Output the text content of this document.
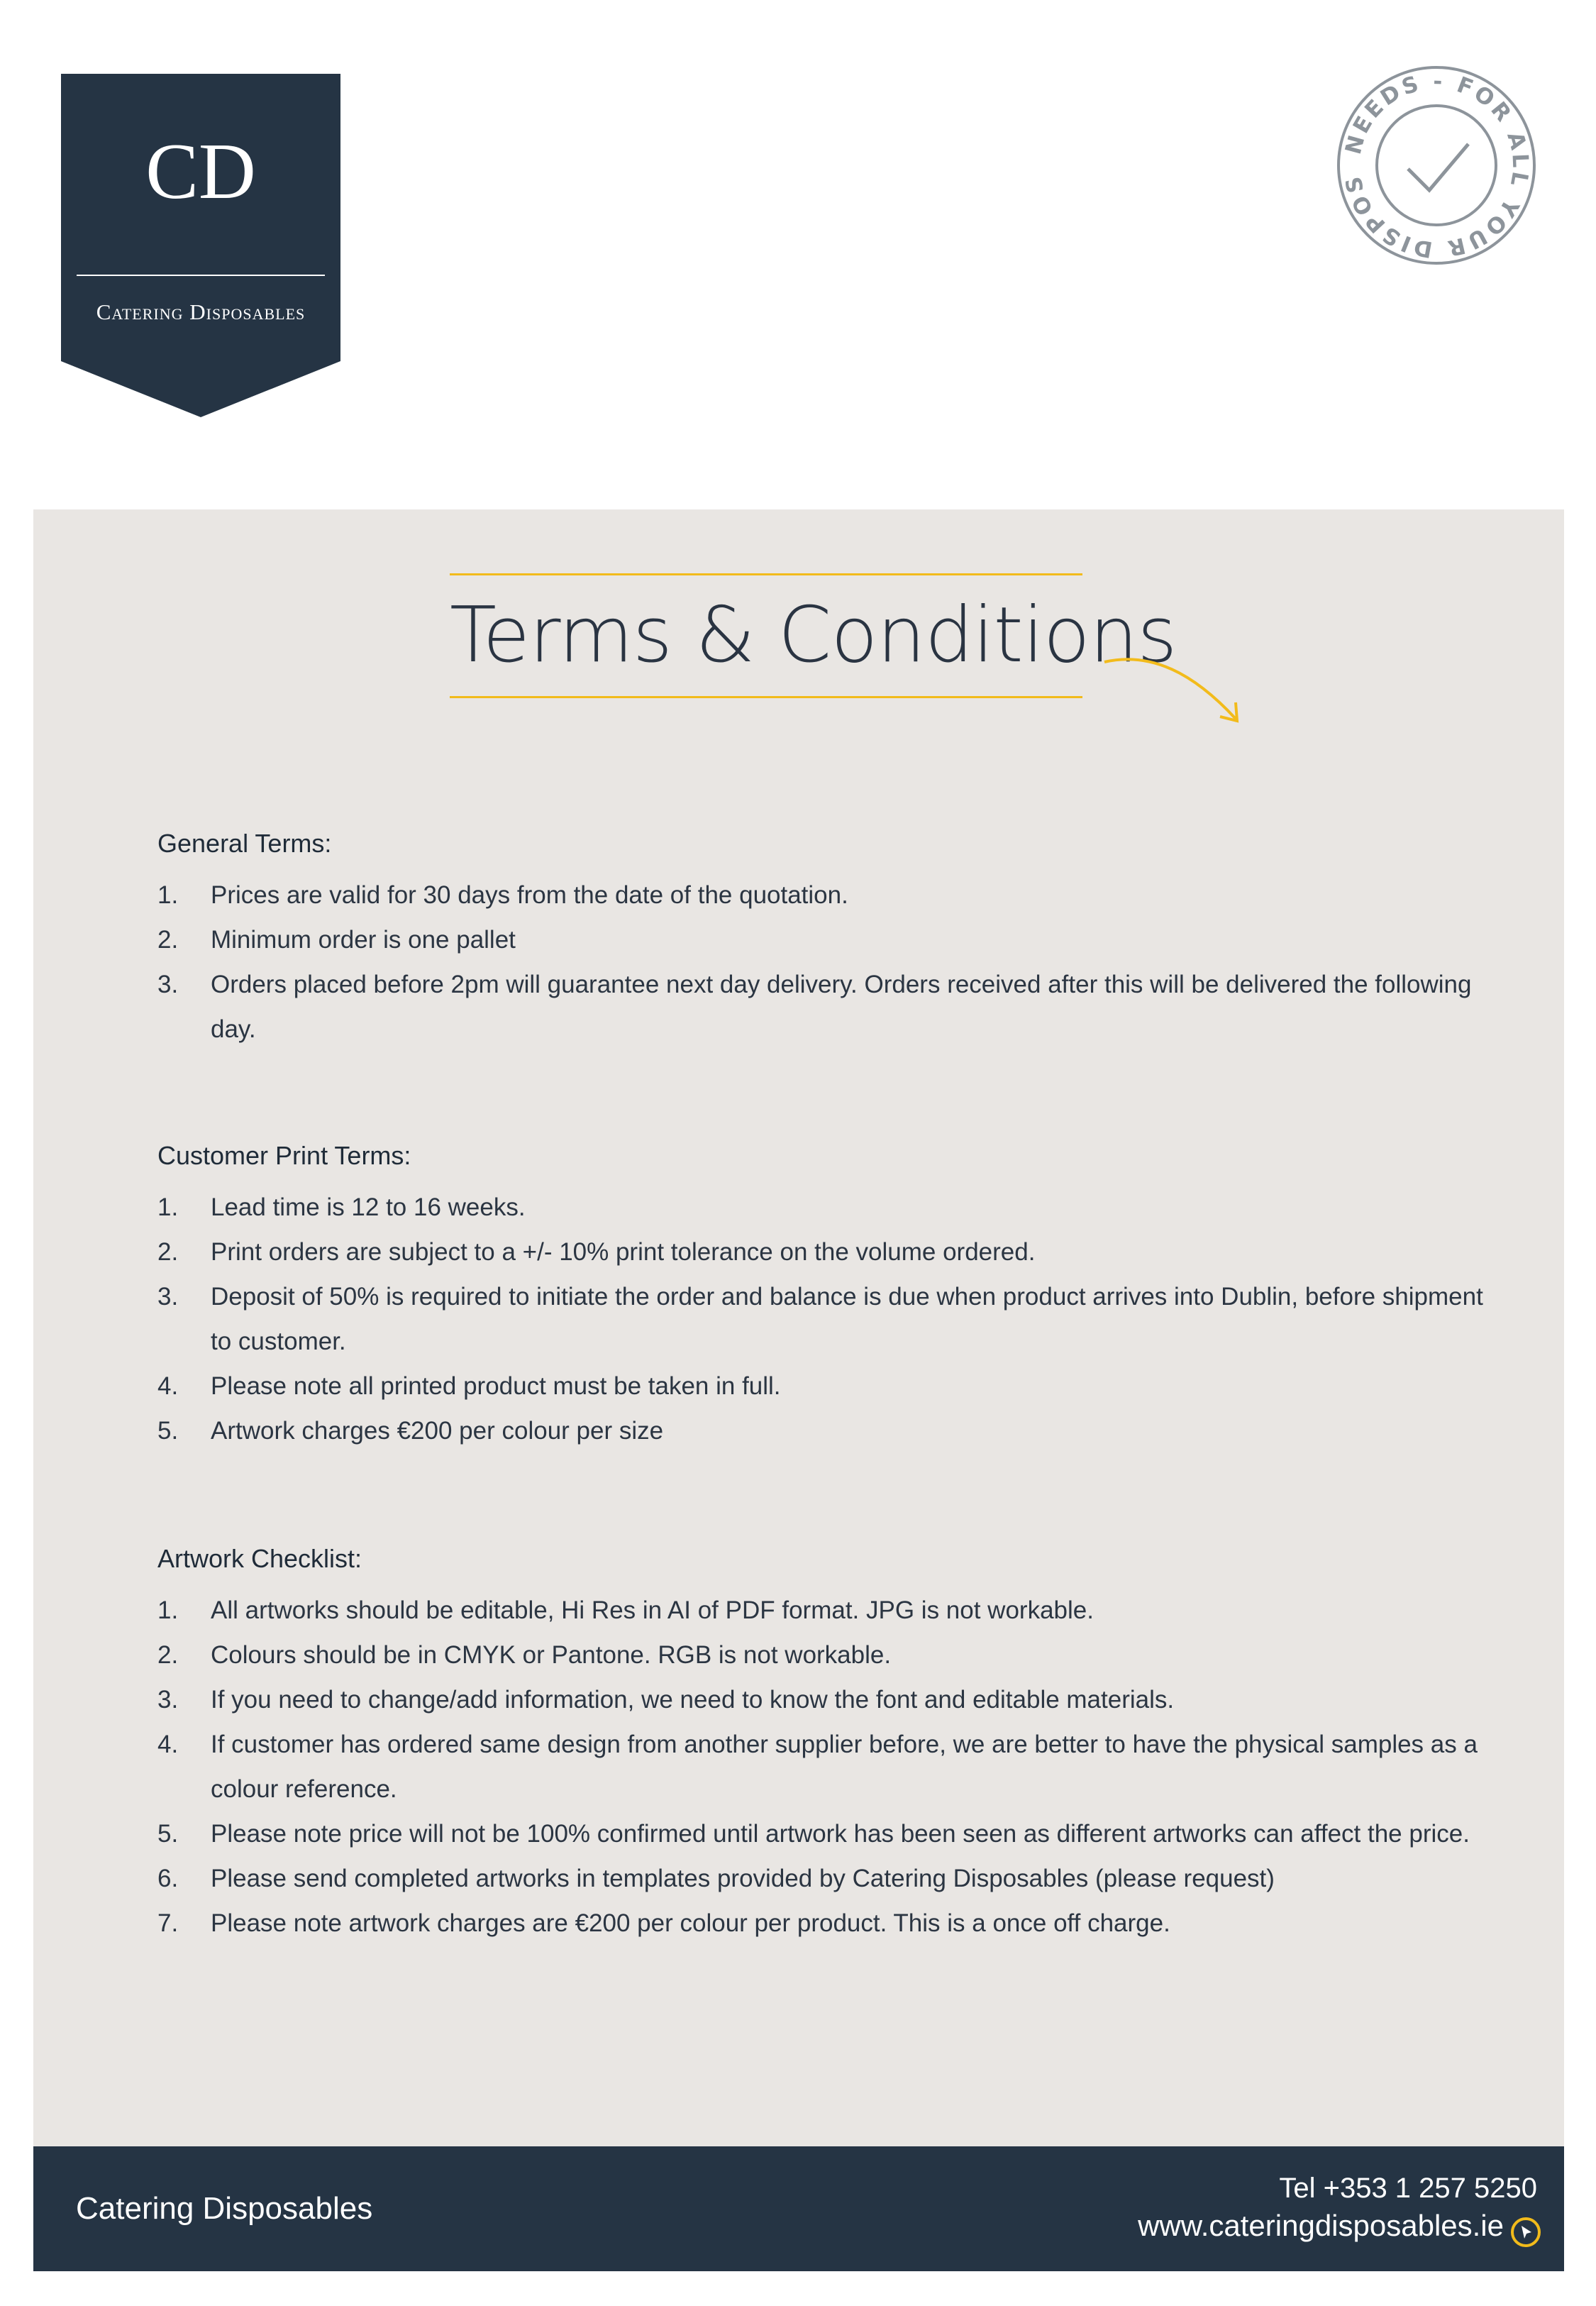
CD
Catering Disposables
NEEDS - FOR ALL YOUR DISPOS
Terms & Conditions
General Terms:
1. Prices are valid for 30 days from the date of the quotation.
2. Minimum order is one pallet
3. Orders placed before 2pm will guarantee next day delivery. Orders received after this will be delivered the following day.
Customer Print Terms:
1. Lead time is 12 to 16 weeks.
2. Print orders are subject to a +/- 10% print tolerance on the volume ordered.
3. Deposit of 50% is required to initiate the order and balance is due when product arrives into Dublin, before shipment to customer.
4. Please note all printed product must be taken in full.
5. Artwork charges €200 per colour per size
Artwork Checklist:
1. All artworks should be editable, Hi Res in AI of PDF format. JPG is not workable.
2. Colours should be in CMYK or Pantone. RGB is not workable.
3. If you need to change/add information, we need to know the font and editable materials.
4. If customer has ordered same design from another supplier before, we are better to have the physical samples as a colour reference.
5. Please note price will not be 100% confirmed until artwork has been seen as different artworks can affect the price.
6. Please send completed artworks in templates provided by Catering Disposables (please request)
7. Please note artwork charges are €200 per colour per product. This is a once off charge.
Catering Disposables
Tel +353 1 257 5250
www.cateringdisposables.ie
